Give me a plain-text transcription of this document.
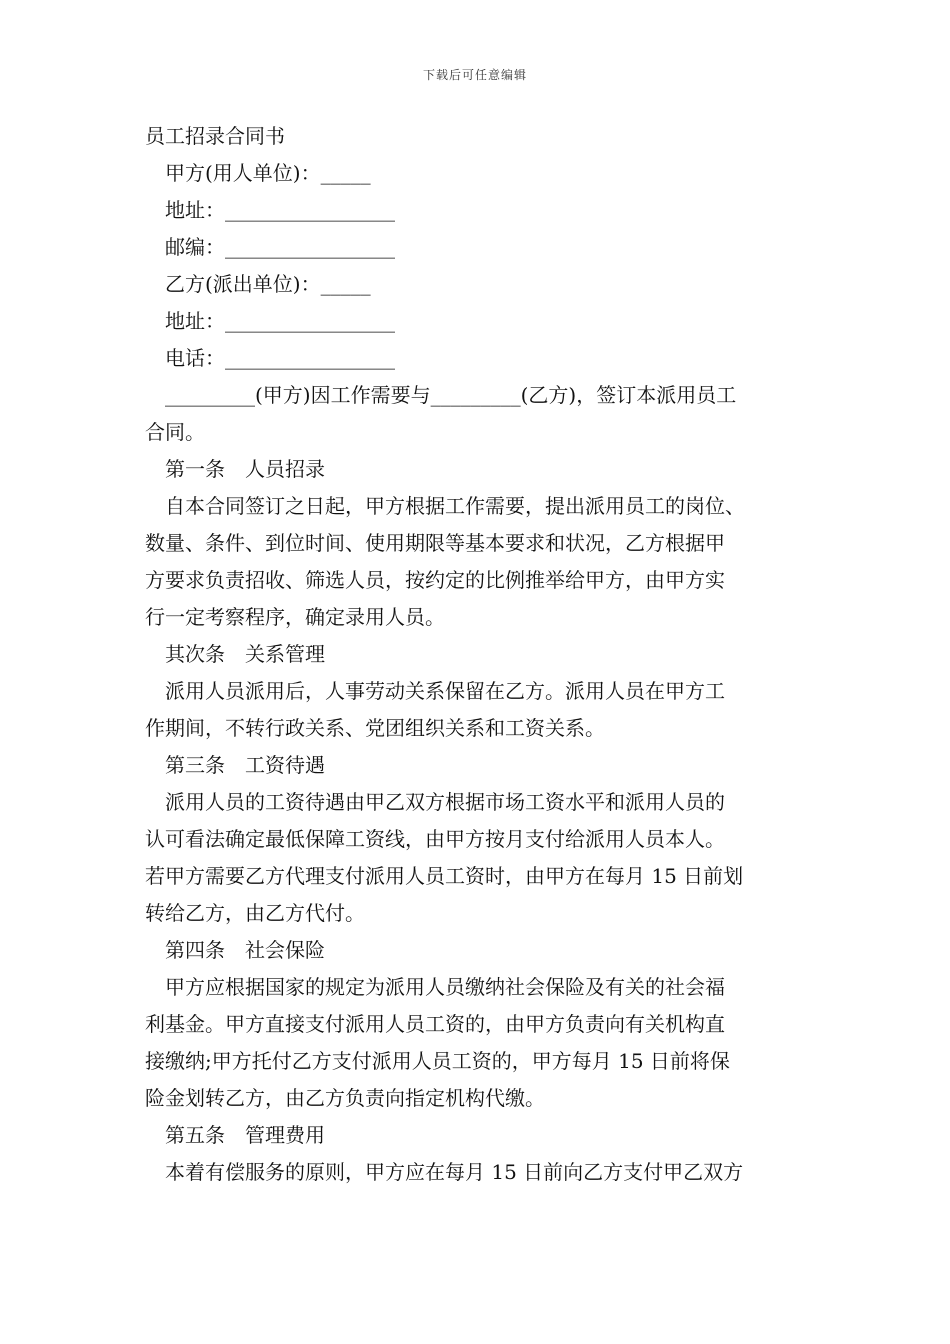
下载后可任意编辑
员工招录合同书
甲方(用人单位)：_____
地址：_________________
邮编：_________________
乙方(派出单位)：_____
地址：_________________
电话：_________________
_________(甲方)因工作需要与_________(乙方)，签订本派用员工
合同。
第一条　人员招录
自本合同签订之日起，甲方根据工作需要，提出派用员工的岗位、
数量、条件、到位时间、使用期限等基本要求和状况，乙方根据甲
方要求负责招收、筛选人员，按约定的比例推举给甲方，由甲方实
行一定考察程序，确定录用人员。
其次条　关系管理
派用人员派用后，人事劳动关系保留在乙方。派用人员在甲方工
作期间，不转行政关系、党团组织关系和工资关系。
第三条　工资待遇
派用人员的工资待遇由甲乙双方根据市场工资水平和派用人员的
认可看法确定最低保障工资线，由甲方按月支付给派用人员本人。
若甲方需要乙方代理支付派用人员工资时，由甲方在每月 15 日前划
转给乙方，由乙方代付。
第四条　社会保险
甲方应根据国家的规定为派用人员缴纳社会保险及有关的社会福
利基金。甲方直接支付派用人员工资的，由甲方负责向有关机构直
接缴纳;甲方托付乙方支付派用人员工资的，甲方每月 15 日前将保
险金划转乙方，由乙方负责向指定机构代缴。
第五条　管理费用
本着有偿服务的原则，甲方应在每月 15 日前向乙方支付甲乙双方
